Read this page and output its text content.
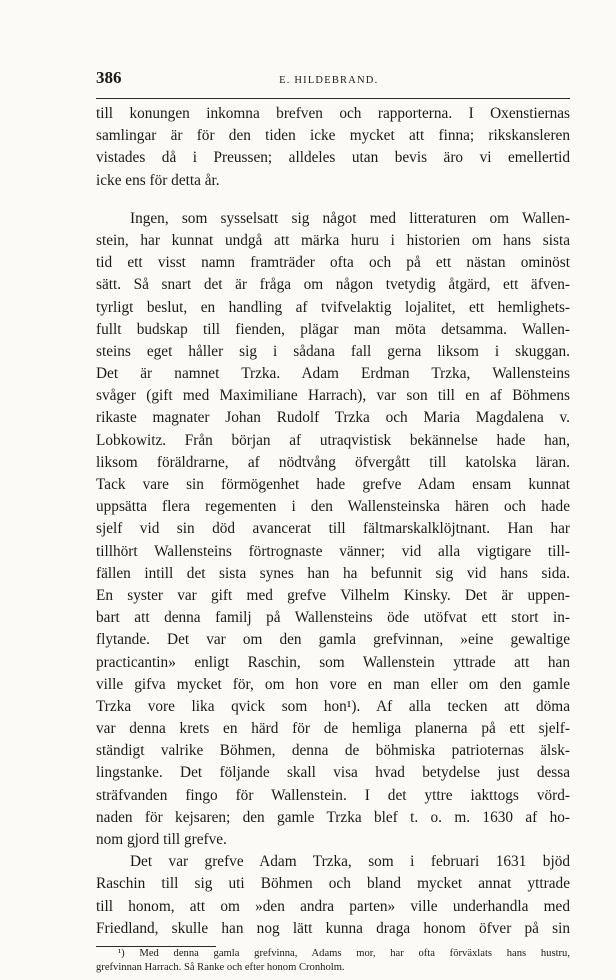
386	E. HILDEBRAND.
till konungen inkomna brefven och rapporterna. I Oxenstiernas
samlingar är för den tiden icke mycket att finna; rikskansleren
vistades då i Preussen; alldeles utan bevis äro vi emellertid
icke ens för detta år.
Ingen, som sysselsatt sig något med litteraturen om Wallen-
stein, har kunnat undgå att märka huru i historien om hans sista
tid ett visst namn framträder ofta och på ett nästan ominöst
sätt. Så snart det är fråga om någon tvetydig åtgärd, ett äfven-
tyrligt beslut, en handling af tvifvelaktig lojalitet, ett hemlighets-
fullt budskap till fienden, plägar man möta detsamma. Wallen-
steins eget håller sig i sådana fall gerna liksom i skuggan.
Det är namnet Trzka. Adam Erdman Trzka, Wallensteins
svåger (gift med Maximiliane Harrach), var son till en af Böhmens
rikaste magnater Johan Rudolf Trzka och Maria Magdalena v.
Lobkowitz. Från början af utraqvistisk bekännelse hade han,
liksom föräldrarne, af nödtvång öfvergått till katolska läran.
Tack vare sin förmögenhet hade grefve Adam ensam kunnat
uppsätta flera regementen i den Wallensteinska hären och hade
sjelf vid sin död avancerat till fältmarskalklöjtnant. Han har
tillhört Wallensteins förtrognaste vänner; vid alla vigtigare till-
fällen intill det sista synes han ha befunnit sig vid hans sida.
En syster var gift med grefve Vilhelm Kinsky. Det är uppen-
bart att denna familj på Wallensteins öde utöfvat ett stort in-
flytande. Det var om den gamla grefvinnan, »eine gewaltige
practicantin» enligt Raschin, som Wallenstein yttrade att han
ville gifva mycket för, om hon vore en man eller om den gamle
Trzka vore lika qvick som hon¹). Af alla tecken att döma
var denna krets en härd för de hemliga planerna på ett sjelf-
ständigt valrike Böhmen, denna de böhmiska patrioternas älsk-
lingstanke. Det följande skall visa hvad betydelse just dessa
sträfvanden fingo för Wallenstein. I det yttre iakttogs vörd-
naden för kejsaren; den gamle Trzka blef t. o. m. 1630 af ho-
nom gjord till grefve.
Det var grefve Adam Trzka, som i februari 1631 bjöd
Raschin till sig uti Böhmen och bland mycket annat yttrade
till honom, att om »den andra parten» ville underhandla med
Friedland, skulle han nog lätt kunna draga honom öfver på sin
¹) Med denna gamla grefvinna, Adams mor, har ofta förväxlats hans hustru,
grefvinnan Harrach. Så Ranke och efter honom Cronholm.
